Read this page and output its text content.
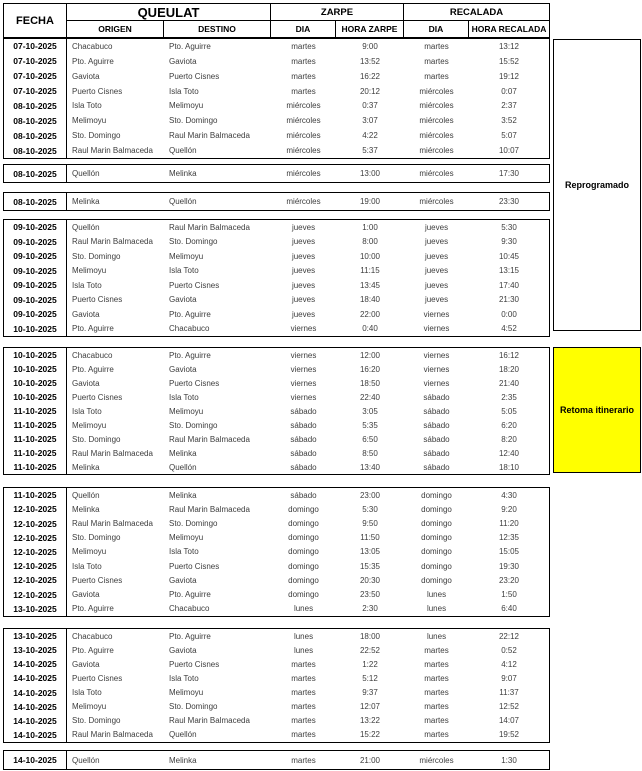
FECHA
QUEULAT	ZARPE	RECALADA
ORIGEN	DESTINO	DIA	HORA ZARPE	DIA	HORA RECALADA
07-10-2025	Chacabuco	Pto. Aguirre	martes	9:00	martes	13:12
07-10-2025	Pto. Aguirre	Gaviota	martes	13:52	martes	15:52
07-10-2025	Gaviota	Puerto Cisnes	martes	16:22	martes	19:12
07-10-2025	Puerto Cisnes	Isla Toto	martes	20:12	miércoles	0:07
08-10-2025	Isla Toto	Melimoyu	miércoles	0:37	miércoles	2:37
08-10-2025	Melimoyu	Sto. Domingo	miércoles	3:07	miércoles	3:52
08-10-2025	Sto. Domingo	Raul Marin Balmaceda	miércoles	4:22	miércoles	5:07
08-10-2025	Raul Marin Balmaceda	Quellón	miércoles	5:37	miércoles	10:07
08-10-2025	Quellón	Melinka	miércoles	13:00	miércoles	17:30
08-10-2025	Melinka	Quellón	miércoles	19:00	miércoles	23:30
09-10-2025	Quellón	Raul Marin Balmaceda	jueves	1:00	jueves	5:30
09-10-2025	Raul Marin Balmaceda	Sto. Domingo	jueves	8:00	jueves	9:30
09-10-2025	Sto. Domingo	Melimoyu	jueves	10:00	jueves	10:45
09-10-2025	Melimoyu	Isla Toto	jueves	11:15	jueves	13:15
09-10-2025	Isla Toto	Puerto Cisnes	jueves	13:45	jueves	17:40
09-10-2025	Puerto Cisnes	Gaviota	jueves	18:40	jueves	21:30
09-10-2025	Gaviota	Pto. Aguirre	jueves	22:00	viernes	0:00
10-10-2025	Pto. Aguirre	Chacabuco	viernes	0:40	viernes	4:52
10-10-2025	Chacabuco	Pto. Aguirre	viernes	12:00	viernes	16:12
10-10-2025	Pto. Aguirre	Gaviota	viernes	16:20	viernes	18:20
10-10-2025	Gaviota	Puerto Cisnes	viernes	18:50	viernes	21:40
10-10-2025	Puerto Cisnes	Isla Toto	viernes	22:40	sábado	2:35
11-10-2025	Isla Toto	Melimoyu	sábado	3:05	sábado	5:05
11-10-2025	Melimoyu	Sto. Domingo	sábado	5:35	sábado	6:20
11-10-2025	Sto. Domingo	Raul Marin Balmaceda	sábado	6:50	sábado	8:20
11-10-2025	Raul Marin Balmaceda	Melinka	sábado	8:50	sábado	12:40
11-10-2025	Melinka	Quellón	sábado	13:40	sábado	18:10
11-10-2025	Quellón	Melinka	sábado	23:00	domingo	4:30
12-10-2025	Melinka	Raul Marin Balmaceda	domingo	5:30	domingo	9:20
12-10-2025	Raul Marin Balmaceda	Sto. Domingo	domingo	9:50	domingo	11:20
12-10-2025	Sto. Domingo	Melimoyu	domingo	11:50	domingo	12:35
12-10-2025	Melimoyu	Isla Toto	domingo	13:05	domingo	15:05
12-10-2025	Isla Toto	Puerto Cisnes	domingo	15:35	domingo	19:30
12-10-2025	Puerto Cisnes	Gaviota	domingo	20:30	domingo	23:20
12-10-2025	Gaviota	Pto. Aguirre	domingo	23:50	lunes	1:50
13-10-2025	Pto. Aguirre	Chacabuco	lunes	2:30	lunes	6:40
13-10-2025	Chacabuco	Pto. Aguirre	lunes	18:00	lunes	22:12
13-10-2025	Pto. Aguirre	Gaviota	lunes	22:52	martes	0:52
14-10-2025	Gaviota	Puerto Cisnes	martes	1:22	martes	4:12
14-10-2025	Puerto Cisnes	Isla Toto	martes	5:12	martes	9:07
14-10-2025	Isla Toto	Melimoyu	martes	9:37	martes	11:37
14-10-2025	Melimoyu	Sto. Domingo	martes	12:07	martes	12:52
14-10-2025	Sto. Domingo	Raul Marin Balmaceda	martes	13:22	martes	14:07
14-10-2025	Raul Marin Balmaceda	Quellón	martes	15:22	martes	19:52
14-10-2025	Quellón	Melinka	martes	21:00	miércoles	1:30
Reprogramado
Retoma itinerario
